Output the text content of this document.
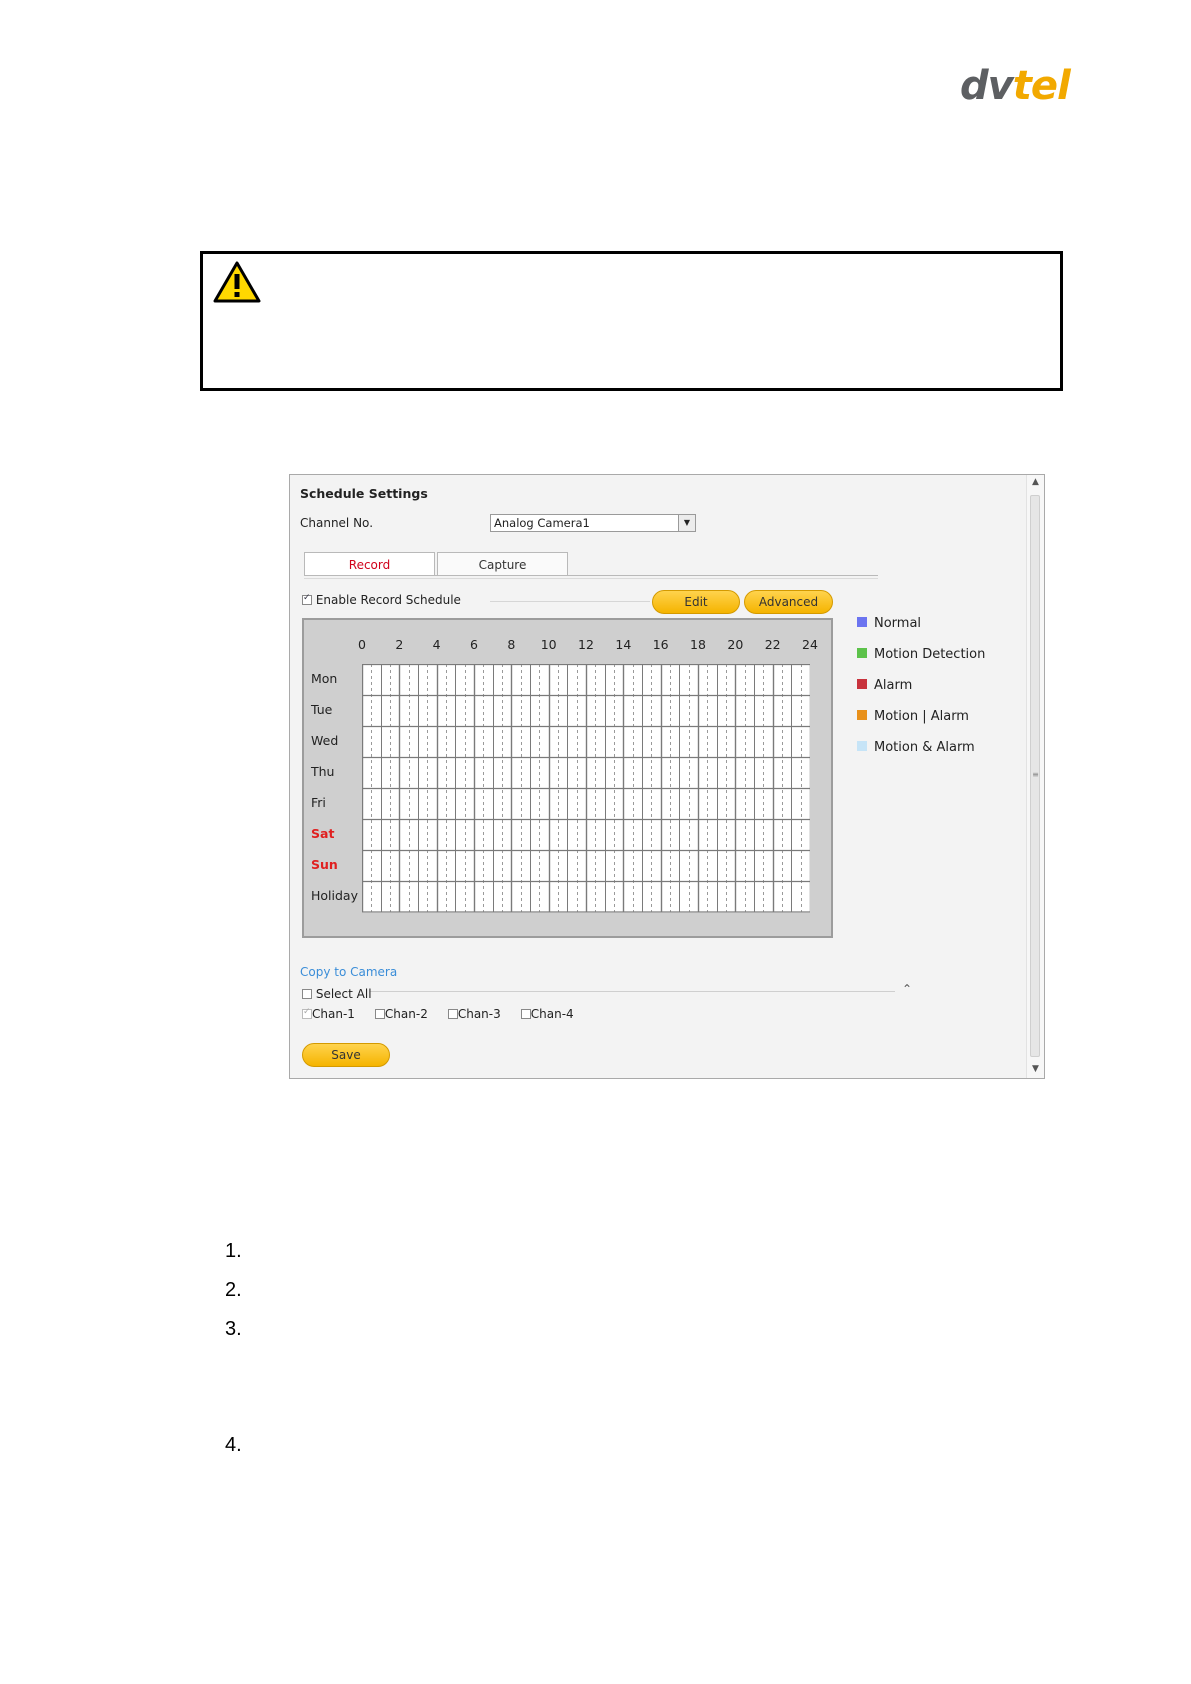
dvtel
Schedule Settings
Channel No.	Analog Camera1	▼
Record	Capture
✓ Enable Record Schedule	Edit	Advanced
0	2	4	6	8	10	12	14	16	18	20	22	24
Mon
Tue
Wed
Thu
Fri
Sat
Sun
Holiday
Normal
Motion Detection
Alarm
Motion | Alarm
Motion & Alarm
Copy to Camera
⌃
Select All
✓Chan-1	Chan-2	Chan-3	Chan-4
Save
▲
≡
▼
1.
2.
3.
4.
